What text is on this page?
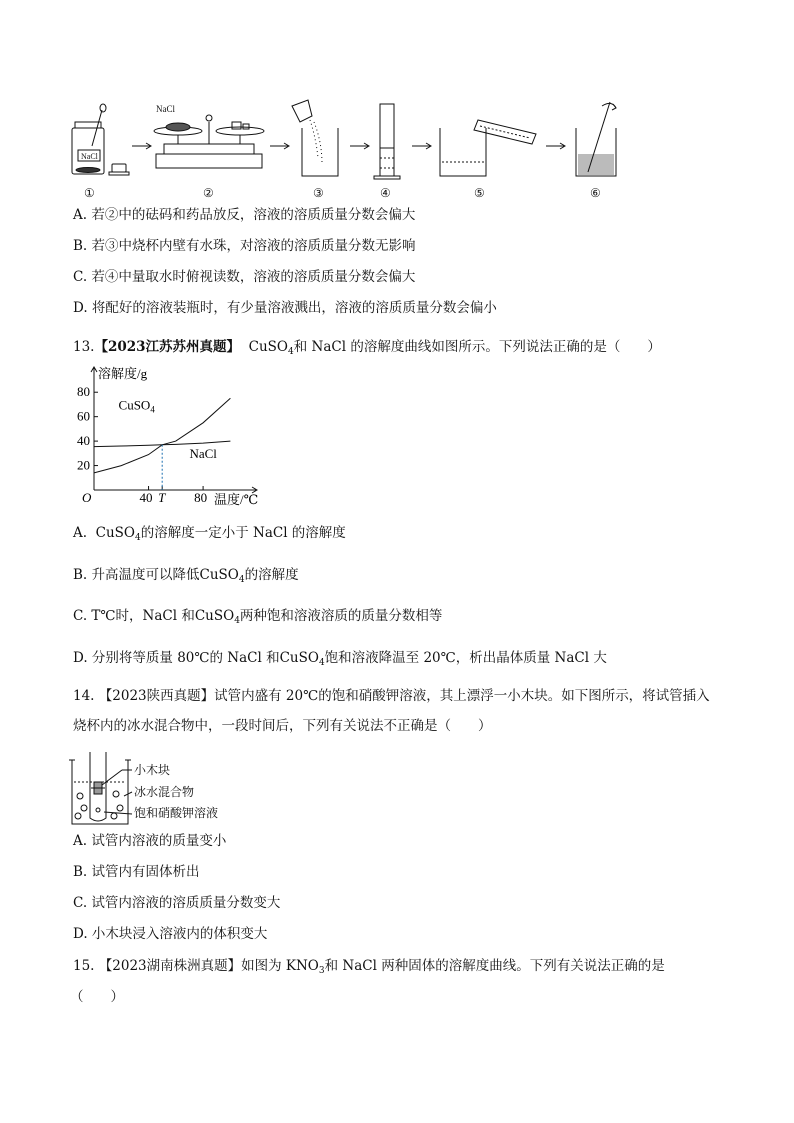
NaCl
NaCl
①	②	③	④	⑤	⑥
A. 若②中的砝码和药品放反，溶液的溶质质量分数会偏大
B. 若③中烧杯内壁有水珠，对溶液的溶质质量分数无影响
C. 若④中量取水时俯视读数，溶液的溶质质量分数会偏大
D. 将配好的溶液装瓶时，有少量溶液溅出，溶液的溶质质量分数会偏小
13.【2023江苏苏州真题】 CuSO$_4$和 NaCl 的溶解度曲线如图所示。下列说法正确的是（　　）
溶解度/g
温度/℃
O
20
40
60
80
40 T 80
CuSO$_4$
NaCl
A. CuSO$_4$的溶解度一定小于 NaCl 的溶解度
B. 升高温度可以降低CuSO$_4$的溶解度
C. T℃时，NaCl 和CuSO$_4$两种饱和溶液溶质的质量分数相等
D. 分别将等质量 80℃的 NaCl 和CuSO$_4$饱和溶液降温至 20℃，析出晶体质量 NaCl 大
14. 【2023陕西真题】试管内盛有 20℃的饱和硝酸钾溶液，其上漂浮一小木块。如下图所示，将试管插入
烧杯内的冰水混合物中，一段时间后，下列有关说法不正确是（　　）
小木块
冰水混合物
饱和硝酸钾溶液
A. 试管内溶液的质量变小
B. 试管内有固体析出
C. 试管内溶液的溶质质量分数变大
D. 小木块浸入溶液内的体积变大
15. 【2023湖南株洲真题】如图为 $KNO_3$和 NaCl 两种固体的溶解度曲线。下列有关说法正确的是
（　　）
